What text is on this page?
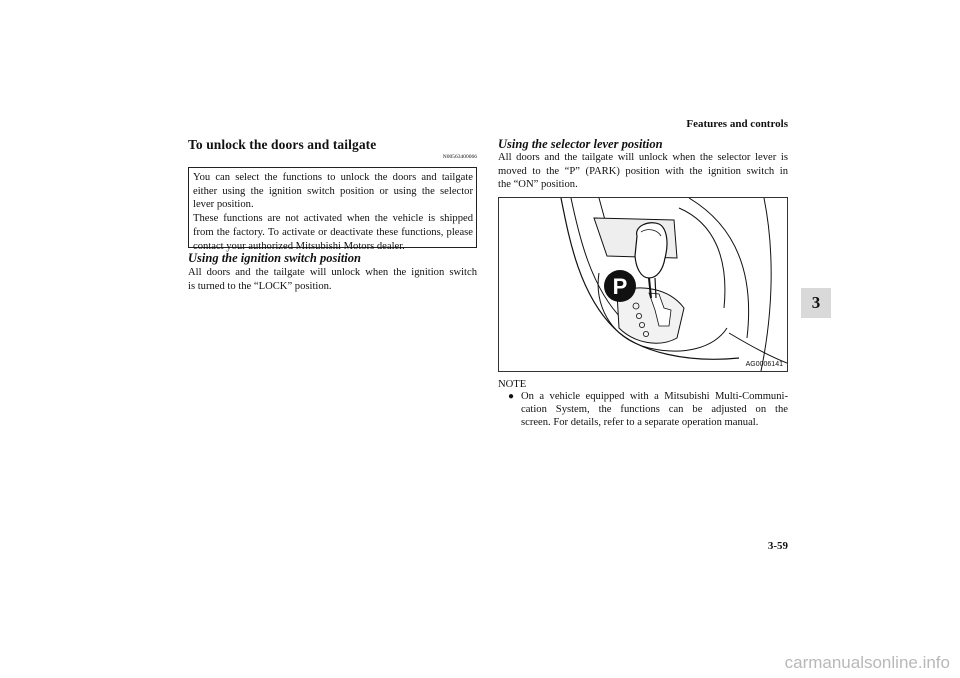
Features and controls
3
To unlock the doors and tailgate
N00563400066

You can select the functions to unlock the doors and tailgate

either using the ignition switch position or using the selector

lever position.

These functions are not activated when the vehicle is shipped

from the factory. To activate or deactivate these functions, please

contact your authorized Mitsubishi Motors dealer.

Using the ignition switch position

All doors and the tailgate will unlock when the ignition switch

is turned to the “LOCK” position.

Using the selector lever position

All doors and the tailgate will unlock when the selector lever is

moved to the “P” (PARK) position with the ignition switch in

the “ON” position.

P
AG0006141
NOTE
● On a vehicle equipped with a Mitsubishi Multi-Communi-
cation System, the functions can be adjusted on the
screen. For details, refer to a separate operation manual.
3-59
carmanualsonline.info
